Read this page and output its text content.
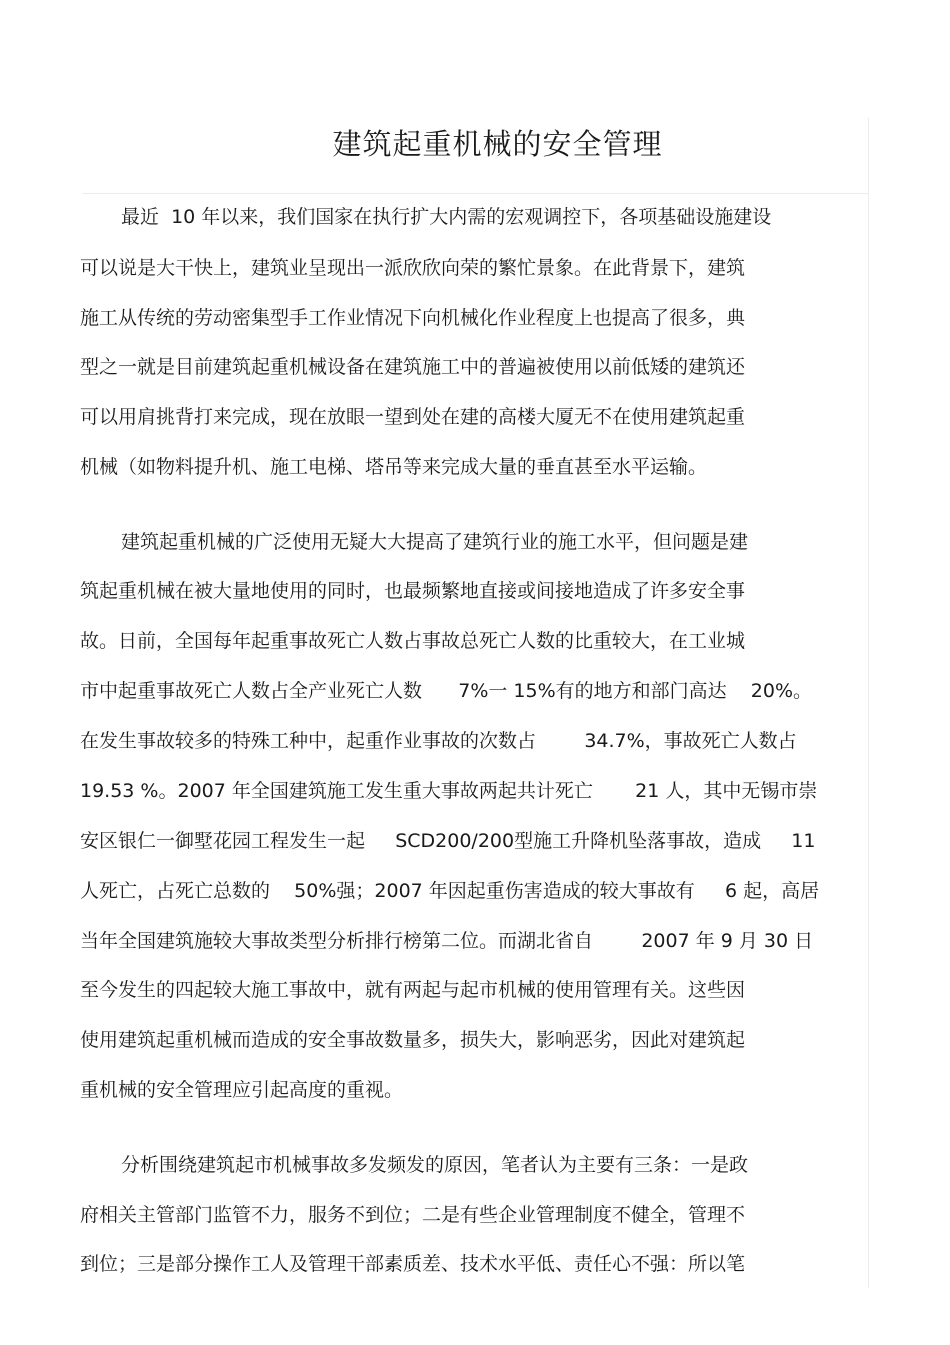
建筑起重机械的安全管理
最近  10 年以来，我们国家在执行扩大内需的宏观调控下，各项基础设施建设
可以说是大干快上，建筑业呈现出一派欣欣向荣的繁忙景象。在此背景下，建筑
施工从传统的劳动密集型手工作业情况下向机械化作业程度上也提高了很多，典
型之一就是目前建筑起重机械设备在建筑施工中的普遍被使用以前低矮的建筑还
可以用肩挑背打来完成，现在放眼一望到处在建的高楼大厦无不在使用建筑起重
机械（如物料提升机、施工电梯、塔吊等来完成大量的垂直甚至水平运输。
建筑起重机械的广泛使用无疑大大提高了建筑行业的施工水平，但问题是建
筑起重机械在被大量地使用的同时，也最频繁地直接或间接地造成了许多安全事
故。日前，全国每年起重事故死亡人数占事故总死亡人数的比重较大，在工业城
市中起重事故死亡人数占全产业死亡人数      7%一 15%有的地方和部门高达    20%。
在发生事故较多的特殊工种中，起重作业事故的次数占        34.7%，事故死亡人数占
19.53 %。2007 年全国建筑施工发生重大事故两起共计死亡       21 人，其中无锡市崇
安区银仁一御墅花园工程发生一起     SCD200/200型施工升降机坠落事故，造成     11
人死亡，占死亡总数的    50%强；2007 年因起重伤害造成的较大事故有     6 起，高居
当年全国建筑施较大事故类型分析排行榜第二位。而湖北省自        2007 年 9 月 30 日
至今发生的四起较大施工事故中，就有两起与起市机械的使用管理有关。这些因
使用建筑起重机械而造成的安全事故数量多，损失大，影响恶劣，因此对建筑起
重机械的安全管理应引起高度的重视。
分析围绕建筑起市机械事故多发频发的原因，笔者认为主要有三条：一是政
府相关主管部门监管不力，服务不到位；二是有些企业管理制度不健全，管理不
到位；三是部分操作工人及管理干部素质差、技术水平低、责任心不强：所以笔
